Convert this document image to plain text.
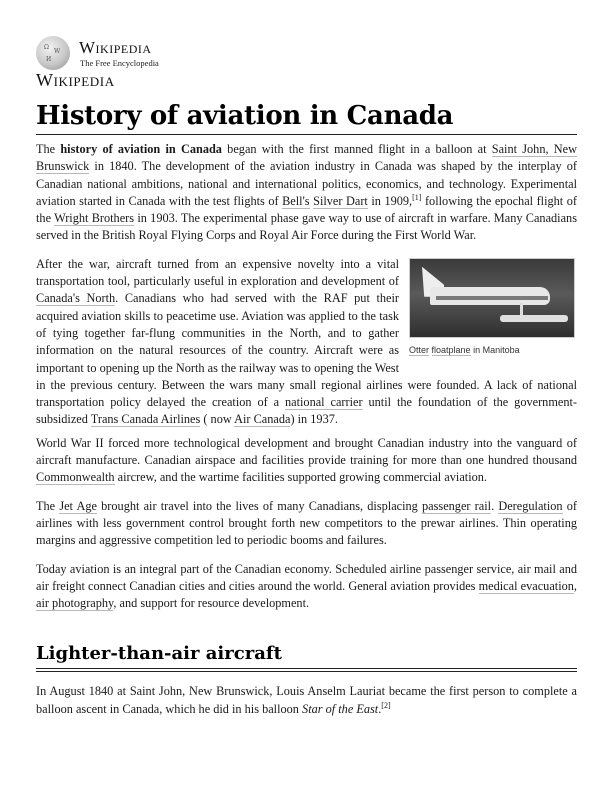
Ω
W
И
Wikipedia
The Free Encyclopedia
Wikipedia
History of aviation in Canada

The history of aviation in Canada began with the first manned flight in a balloon at Saint John, New Brunswick in 1840. The development of the aviation industry in Canada was shaped by the interplay of Canadian national ambitions, national and international politics, economics, and technology. Experimental aviation started in Canada with the test flights of Bell's Silver Dart in 1909,[1] following the epochal flight of the Wright Brothers in 1903. The experimental phase gave way to use of aircraft in warfare. Many Canadians served in the British Royal Flying Corps and Royal Air Force during the First World War.

Otter floatplane in Manitoba
After the war, aircraft turned from an expensive novelty into a vital transportation tool, particularly useful in exploration and development of Canada's North. Canadians who had served with the RAF put their acquired aviation skills to peacetime use. Aviation was applied to the task of tying together far-flung communities in the North, and to gather information on the natural resources of the country. Aircraft were as important to opening up the North as the railway was to opening the West in the previous century. Between the wars many small regional airlines were founded. A lack of national transportation policy delayed the creation of a national carrier until the foundation of the government-subsidized Trans Canada Airlines ( now Air Canada) in 1937.

World War II forced more technological development and brought Canadian industry into the vanguard of aircraft manufacture. Canadian airspace and facilities provide training for more than one hundred thousand Commonwealth aircrew, and the wartime facilities supported growing commercial aviation.

The Jet Age brought air travel into the lives of many Canadians, displacing passenger rail. Deregulation of airlines with less government control brought forth new competitors to the prewar airlines. Thin operating margins and aggressive competition led to periodic booms and failures.

Today aviation is an integral part of the Canadian economy. Scheduled airline passenger service, air mail and air freight connect Canadian cities and cities around the world. General aviation provides medical evacuation, air photography, and support for resource development.

Lighter-than-air aircraft

In August 1840 at Saint John, New Brunswick, Louis Anselm Lauriat became the first person to complete a balloon ascent in Canada, which he did in his balloon Star of the East.[2]
